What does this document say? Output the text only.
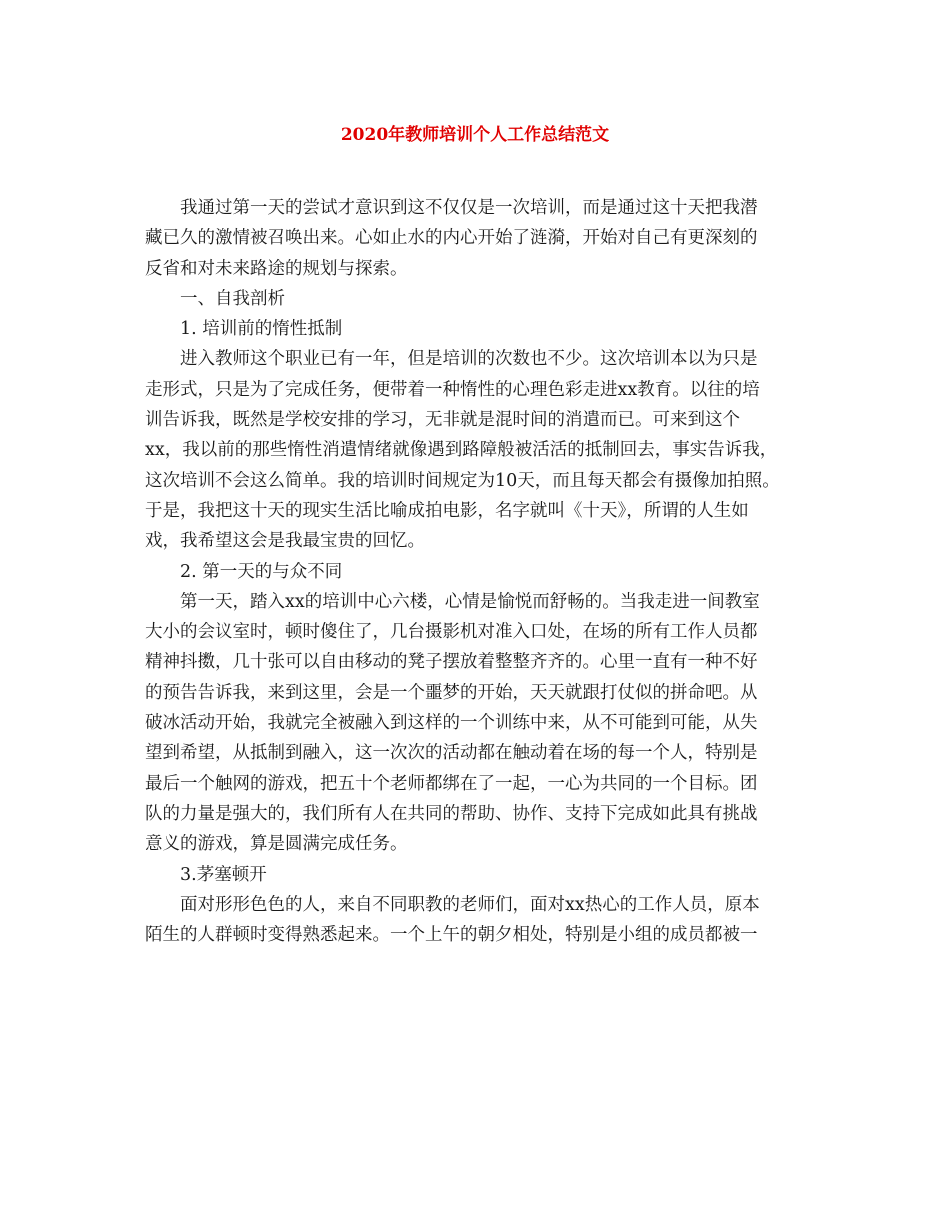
2020年教师培训个人工作总结范文
我通过第一天的尝试才意识到这不仅仅是一次培训，而是通过这十天把我潜
藏已久的激情被召唤出来。心如止水的内心开始了涟漪，开始对自己有更深刻的
反省和对未来路途的规划与探索。
一、自我剖析
1. 培训前的惰性抵制
进入教师这个职业已有一年，但是培训的次数也不少。这次培训本以为只是
走形式，只是为了完成任务，便带着一种惰性的心理色彩走进xx教育。以往的培
训告诉我，既然是学校安排的学习，无非就是混时间的消遣而已。可来到这个
xx，我以前的那些惰性消遣情绪就像遇到路障般被活活的抵制回去，事实告诉我，
这次培训不会这么简单。我的培训时间规定为10天，而且每天都会有摄像加拍照。
于是，我把这十天的现实生活比喻成拍电影，名字就叫《十天》，所谓的人生如
戏，我希望这会是我最宝贵的回忆。
2. 第一天的与众不同
第一天，踏入xx的培训中心六楼，心情是愉悦而舒畅的。当我走进一间教室
大小的会议室时，顿时傻住了，几台摄影机对准入口处，在场的所有工作人员都
精神抖擞，几十张可以自由移动的凳子摆放着整整齐齐的。心里一直有一种不好
的预告告诉我，来到这里，会是一个噩梦的开始，天天就跟打仗似的拼命吧。从
破冰活动开始，我就完全被融入到这样的一个训练中来，从不可能到可能，从失
望到希望，从抵制到融入，这一次次的活动都在触动着在场的每一个人，特别是
最后一个触网的游戏，把五十个老师都绑在了一起，一心为共同的一个目标。团
队的力量是强大的，我们所有人在共同的帮助、协作、支持下完成如此具有挑战
意义的游戏，算是圆满完成任务。
3.茅塞顿开
面对形形色色的人，来自不同职教的老师们，面对xx热心的工作人员，原本
陌生的人群顿时变得熟悉起来。一个上午的朝夕相处，特别是小组的成员都被一
